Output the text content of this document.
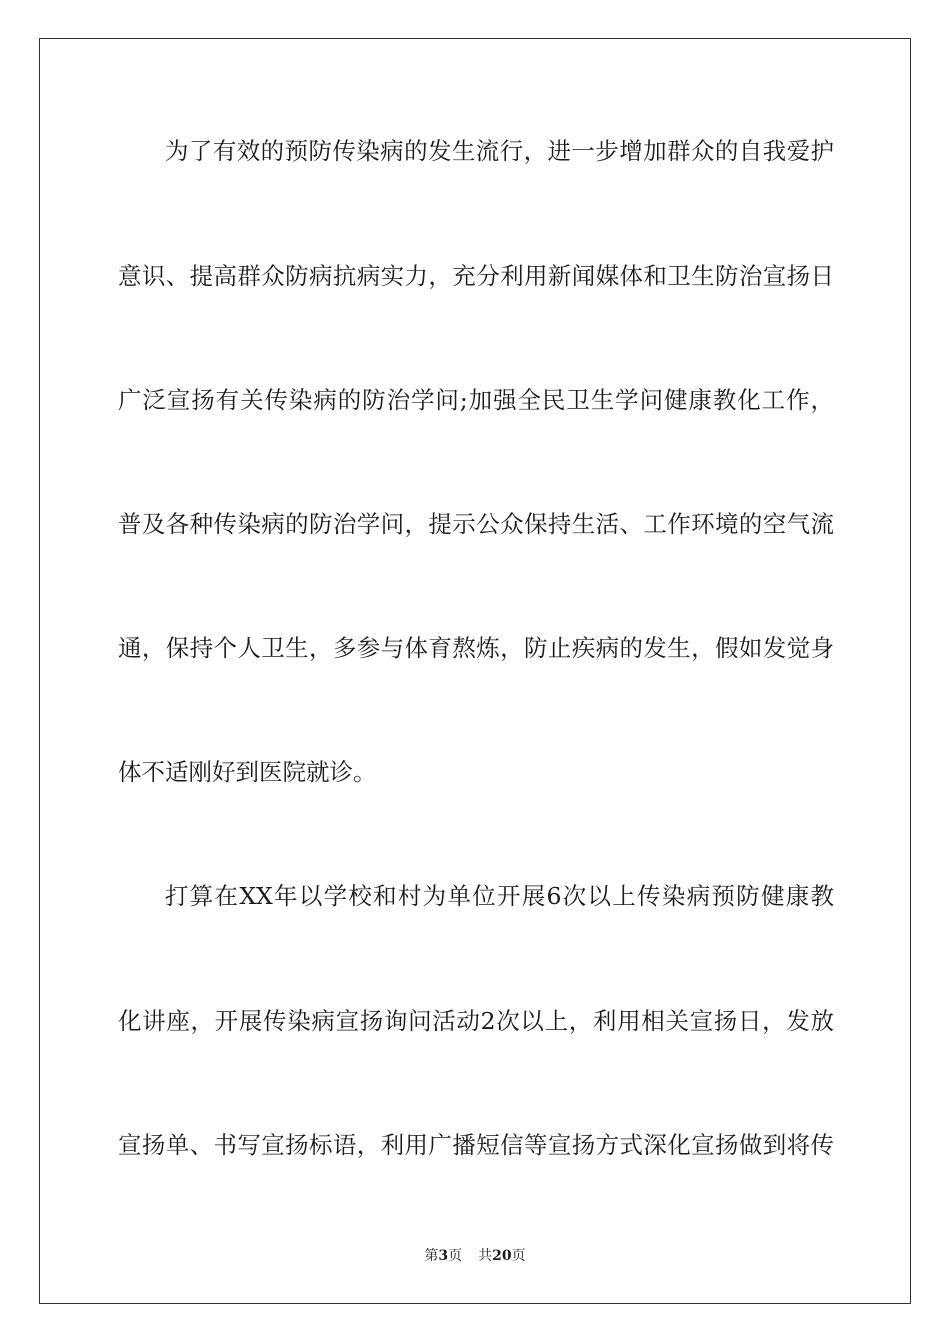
为了有效的预防传染病的发生流行，进一步增加群众的自我爱护
意识、提高群众防病抗病实力，充分利用新闻媒体和卫生防治宣扬日
广泛宣扬有关传染病的防治学问;加强全民卫生学问健康教化工作，
普及各种传染病的防治学问，提示公众保持生活、工作环境的空气流
通，保持个人卫生，多参与体育熬炼，防止疾病的发生，假如发觉身
体不适刚好到医院就诊。
打算在XX年以学校和村为单位开展6次以上传染病预防健康教
化讲座，开展传染病宣扬询问活动2次以上，利用相关宣扬日，发放
宣扬单、书写宣扬标语，利用广播短信等宣扬方式深化宣扬做到将传
第3页 共20页
